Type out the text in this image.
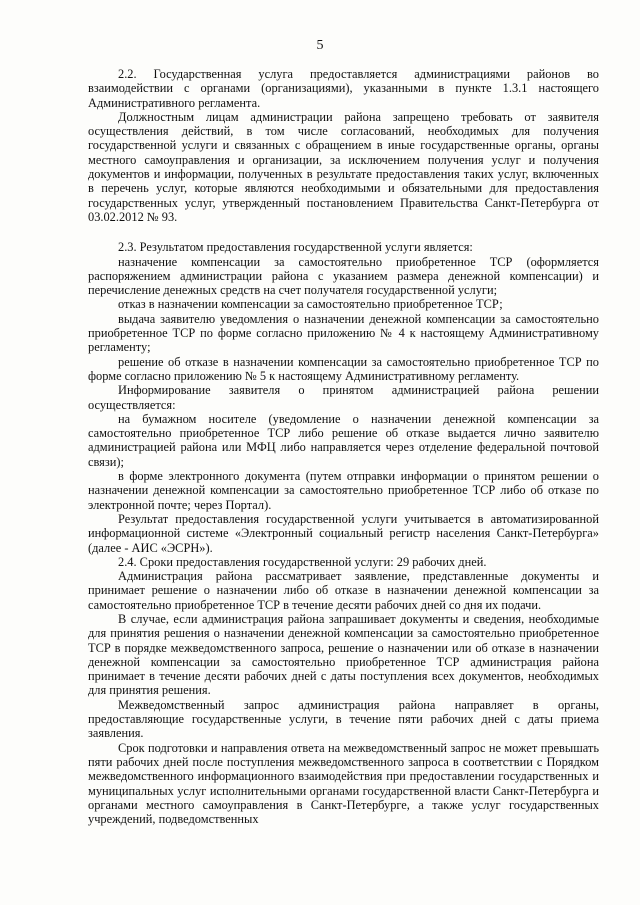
5

2.2. Государственная услуга предоставляется администрациями районов во взаимодействии с органами (организациями), указанными в пункте 1.3.1 настоящего Административного регламента.

Должностным лицам администрации района запрещено требовать от заявителя осуществления действий, в том числе согласований, необходимых для получения государственной услуги и связанных с обращением в иные государственные органы, органы местного самоуправления и организации, за исключением получения услуг и получения документов и информации, полученных в результате предоставления таких услуг, включенных в перечень услуг, которые являются необходимыми и обязательными для предоставления государственных услуг, утвержденный постановлением Правительства Санкт-Петербурга от 03.02.2012 № 93.

2.3. Результатом предоставления государственной услуги является:

назначение компенсации за самостоятельно приобретенное ТСР (оформляется распоряжением администрации района с указанием размера денежной компенсации) и перечисление денежных средств на счет получателя государственной услуги;

отказ в назначении компенсации за самостоятельно приобретенное ТСР;

выдача заявителю уведомления о назначении денежной компенсации за самостоятельно приобретенное ТСР по форме согласно приложению № 4 к настоящему Административному регламенту;

решение об отказе в назначении компенсации за самостоятельно приобретенное ТСР по форме согласно приложению № 5 к настоящему Административному регламенту.

Информирование заявителя о принятом администрацией района решении осуществляется:

на бумажном носителе (уведомление о назначении денежной компенсации за самостоятельно приобретенное ТСР либо решение об отказе выдается лично заявителю администрацией района или МФЦ либо направляется через отделение федеральной почтовой связи);

в форме электронного документа (путем отправки информации о принятом решении о назначении денежной компенсации за самостоятельно приобретенное ТСР либо об отказе по электронной почте; через Портал).

Результат предоставления государственной услуги учитывается в автоматизированной информационной системе «Электронный социальный регистр населения Санкт-Петербурга» (далее - АИС «ЭСРН»).

2.4. Сроки предоставления государственной услуги: 29 рабочих дней.

Администрация района рассматривает заявление, представленные документы и принимает решение о назначении либо об отказе в назначении денежной компенсации за самостоятельно приобретенное ТСР в течение десяти рабочих дней со дня их подачи.

В случае, если администрация района запрашивает документы и сведения, необходимые для принятия решения о назначении денежной компенсации за самостоятельно приобретенное ТСР в порядке межведомственного запроса, решение о назначении или об отказе в назначении денежной компенсации за самостоятельно приобретенное ТСР администрация района принимает в течение десяти рабочих дней с даты поступления всех документов, необходимых для принятия решения.

Межведомственный запрос администрация района направляет в органы, предоставляющие государственные услуги, в течение пяти рабочих дней с даты приема заявления.

Срок подготовки и направления ответа на межведомственный запрос не может превышать пяти рабочих дней после поступления межведомственного запроса в соответствии с Порядком межведомственного информационного взаимодействия при предоставлении государственных и муниципальных услуг исполнительными органами государственной власти Санкт-Петербурга и органами местного самоуправления в Санкт-Петербурге, а также услуг государственных учреждений, подведомственных
